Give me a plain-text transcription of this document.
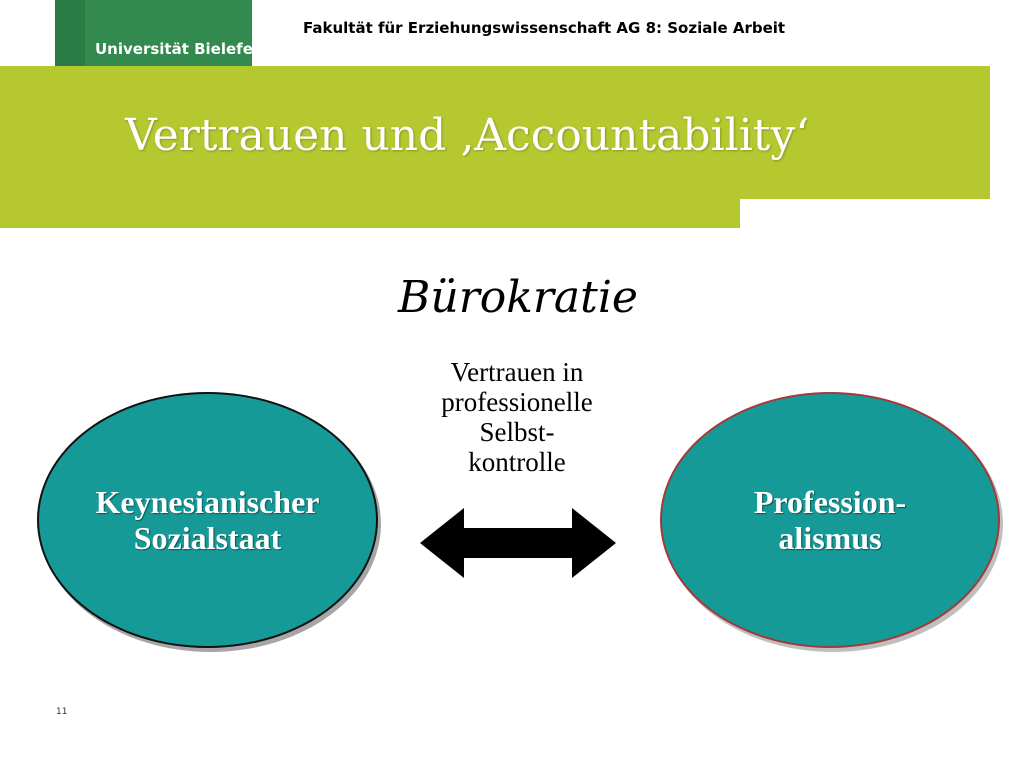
Universität Bielefeld
Fakultät für Erziehungswissenschaft AG 8: Soziale Arbeit
Vertrauen und ‚Accountability‘
Bürokratie
Vertrauen in
professionelle
Selbst-
kontrolle
Keynesianischer
Sozialstaat
Profession-
alismus
11
